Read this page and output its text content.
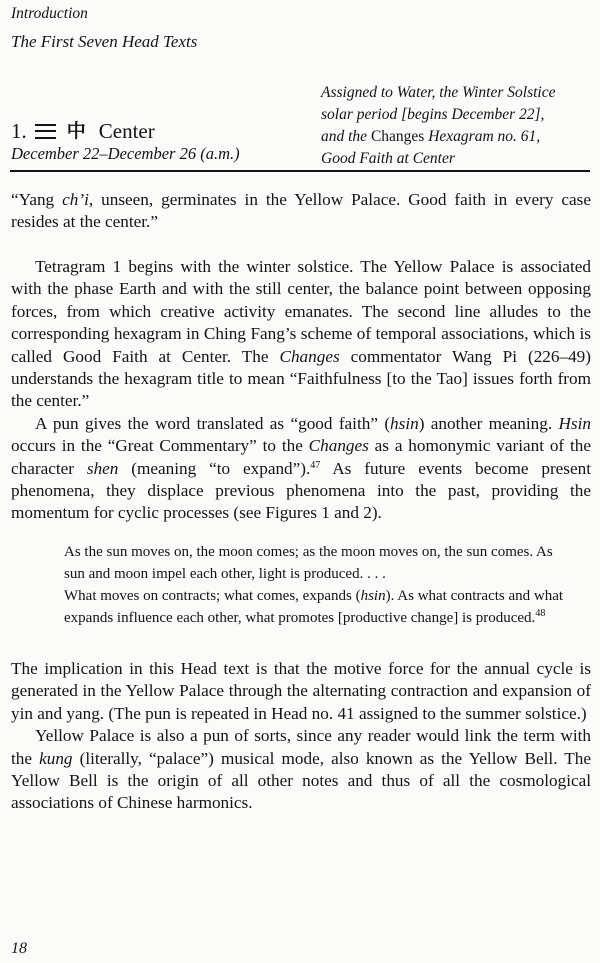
Introduction
The First Seven Head Texts
1. 中 Center
December 22–December 26 (a.m.)
Assigned to Water, the Winter Solstice
solar period [begins December 22],
and the Changes Hexagram no. 61,
Good Faith at Center

“Yang ch’i, unseen, germinates in the Yellow Palace. Good faith in every case resides at the center.”

Tetragram 1 begins with the winter solstice. The Yellow Palace is associated with the phase Earth and with the still center, the balance point between opposing forces, from which creative activity emanates. The second line alludes to the corresponding hexagram in Ching Fang’s scheme of temporal associations, which is called Good Faith at Center. The Changes commentator Wang Pi (226–49) understands the hexagram title to mean “Faithfulness [to the Tao] issues forth from the center.”

A pun gives the word translated as “good faith” (hsin) another meaning. Hsin occurs in the “Great Commentary” to the Changes as a homonymic variant of the character shen (meaning “to expand”).$^{47}$ As future events become present phenomena, they displace previous phenomena into the past, providing the momentum for cyclic processes (see Figures 1 and 2).

As the sun moves on, the moon comes; as the moon moves on, the sun comes. As sun and moon impel each other, light is produced. . . .

What moves on contracts; what comes, expands (hsin). As what contracts and what expands influence each other, what promotes [productive change] is produced.$^{48}$

The implication in this Head text is that the motive force for the annual cycle is generated in the Yellow Palace through the alternating contraction and expansion of yin and yang. (The pun is repeated in Head no. 41 assigned to the summer solstice.)

Yellow Palace is also a pun of sorts, since any reader would link the term with the kung (literally, “palace”) musical mode, also known as the Yellow Bell. The Yellow Bell is the origin of all other notes and thus of all the cosmological associations of Chinese harmonics.

18
